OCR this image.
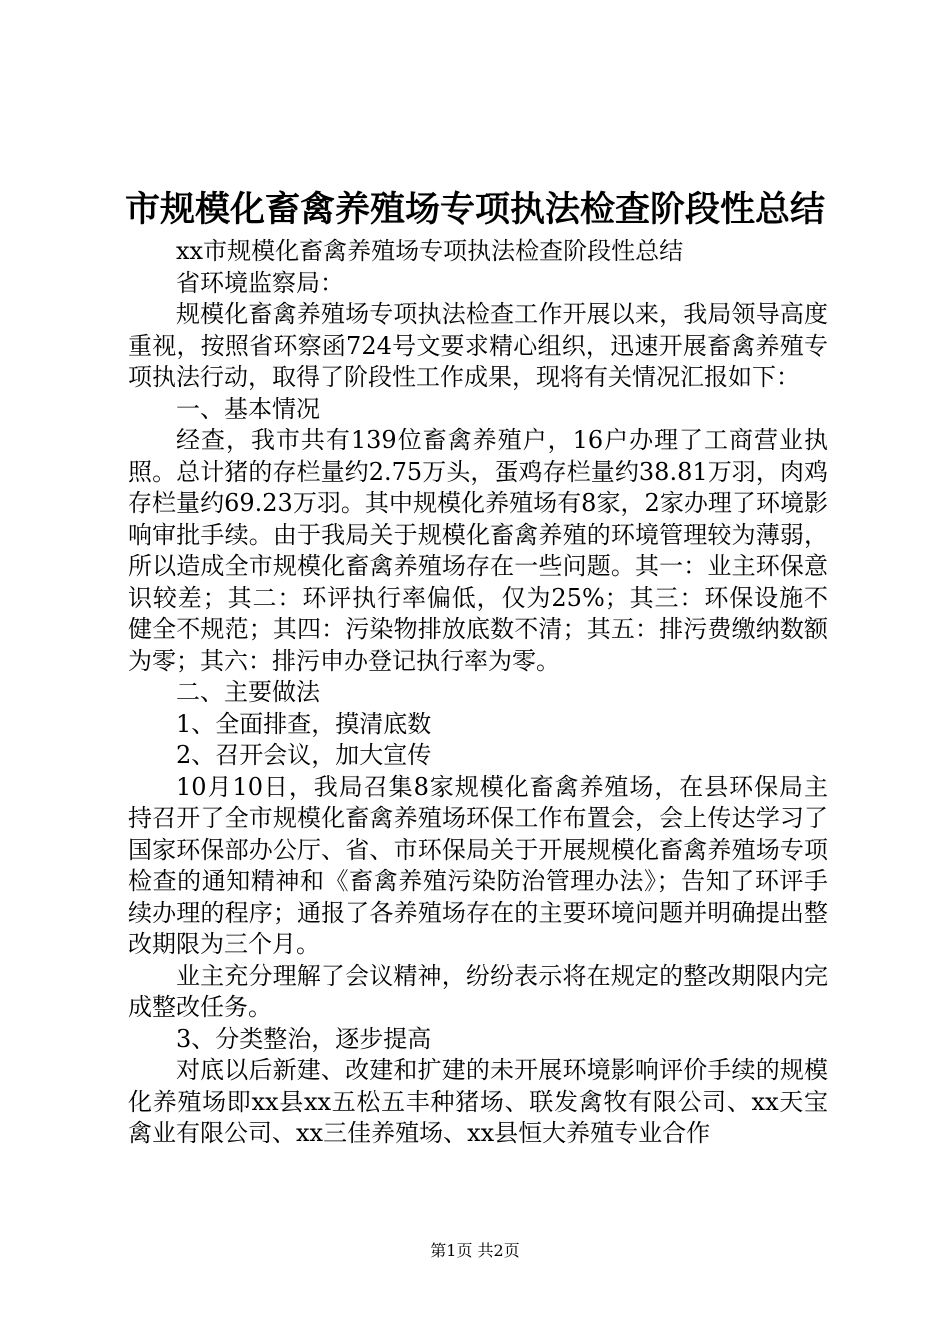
市规模化畜禽养殖场专项执法检查阶段性总结

xx市规模化畜禽养殖场专项执法检查阶段性总结

省环境监察局：

规模化畜禽养殖场专项执法检查工作开展以来，我局领导高度重视，按照省环察函724号文要求精心组织，迅速开展畜禽养殖专项执法行动，取得了阶段性工作成果，现将有关情况汇报如下：

一、基本情况

经查，我市共有139位畜禽养殖户，16户办理了工商营业执照。总计猪的存栏量约2.75万头，蛋鸡存栏量约38.81万羽，肉鸡存栏量约69.23万羽。其中规模化养殖场有8家，2家办理了环境影响审批手续。由于我局关于规模化畜禽养殖的环境管理较为薄弱，所以造成全市规模化畜禽养殖场存在一些问题。其一：业主环保意识较差；其二：环评执行率偏低，仅为25%；其三：环保设施不健全不规范；其四：污染物排放底数不清；其五：排污费缴纳数额为零；其六：排污申办登记执行率为零。

二、主要做法

1、全面排查，摸清底数

2、召开会议，加大宣传

10月10日，我局召集8家规模化畜禽养殖场，在县环保局主持召开了全市规模化畜禽养殖场环保工作布置会，会上传达学习了国家环保部办公厅、省、市环保局关于开展规模化畜禽养殖场专项检查的通知精神和《畜禽养殖污染防治管理办法》；告知了环评手续办理的程序；通报了各养殖场存在的主要环境问题并明确提出整改期限为三个月。

业主充分理解了会议精神，纷纷表示将在规定的整改期限内完成整改任务。

3、分类整治，逐步提高

对底以后新建、改建和扩建的未开展环境影响评价手续的规模化养殖场即xx县xx五松五丰种猪场、联发禽牧有限公司、xx天宝禽业有限公司、xx三佳养殖场、xx县恒大养殖专业合作

第1页 共2页
